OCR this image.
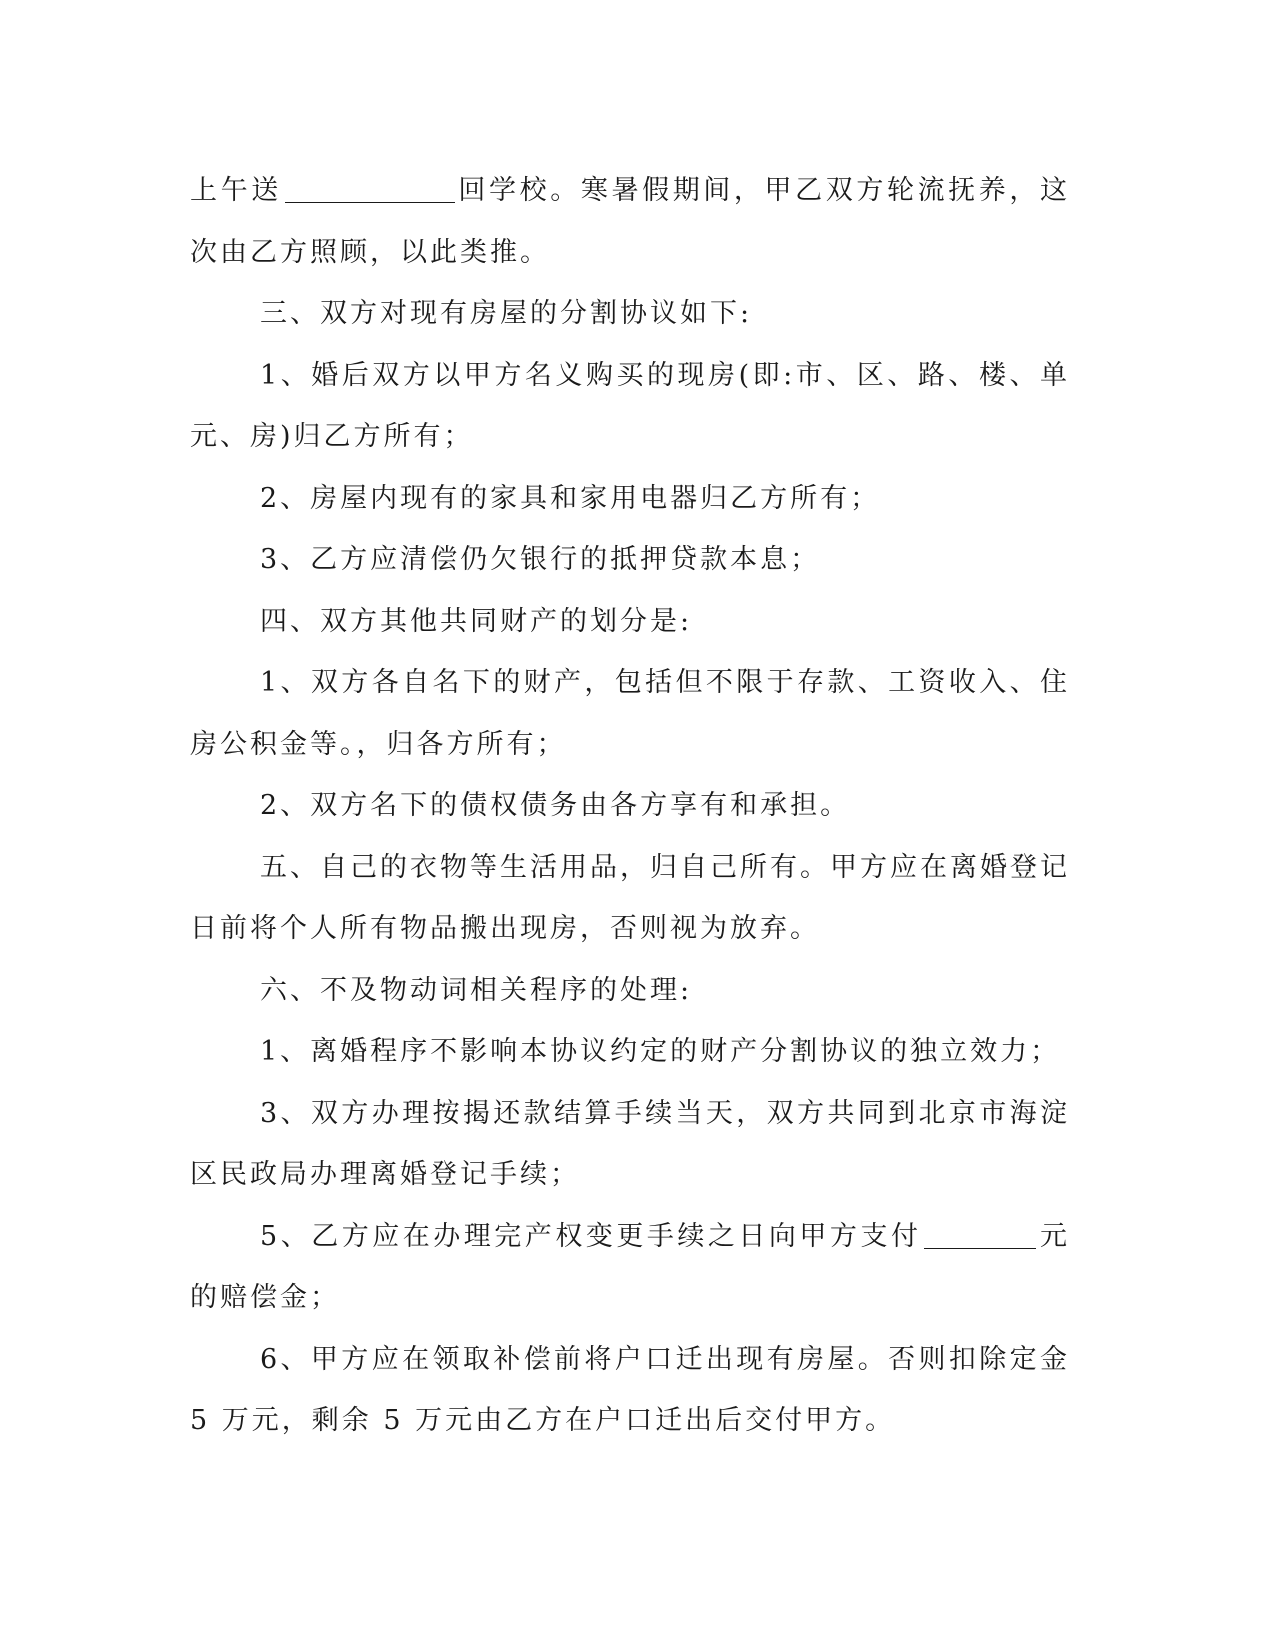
上午送	回学校。寒暑假期间，甲乙双方轮流抚养，这次由乙方照顾，以此类推。

三、双方对现有房屋的分割协议如下:

1、婚后双方以甲方名义购买的现房(即:市、区、路、楼、单元、房)归乙方所有；

2、房屋内现有的家具和家用电器归乙方所有；

3、乙方应清偿仍欠银行的抵押贷款本息；

四、双方其他共同财产的划分是:

1、双方各自名下的财产，包括但不限于存款、工资收入、住房公积金等。，归各方所有；

2、双方名下的债权债务由各方享有和承担。

五、自己的衣物等生活用品，归自己所有。甲方应在离婚登记日前将个人所有物品搬出现房，否则视为放弃。

六、不及物动词相关程序的处理:

1、离婚程序不影响本协议约定的财产分割协议的独立效力；

3、双方办理按揭还款结算手续当天，双方共同到北京市海淀区民政局办理离婚登记手续；

5、乙方应在办理完产权变更手续之日向甲方支付	元的赔偿金；

6、甲方应在领取补偿前将户口迁出现有房屋。否则扣除定金 5 万元，剩余 5 万元由乙方在户口迁出后交付甲方。
